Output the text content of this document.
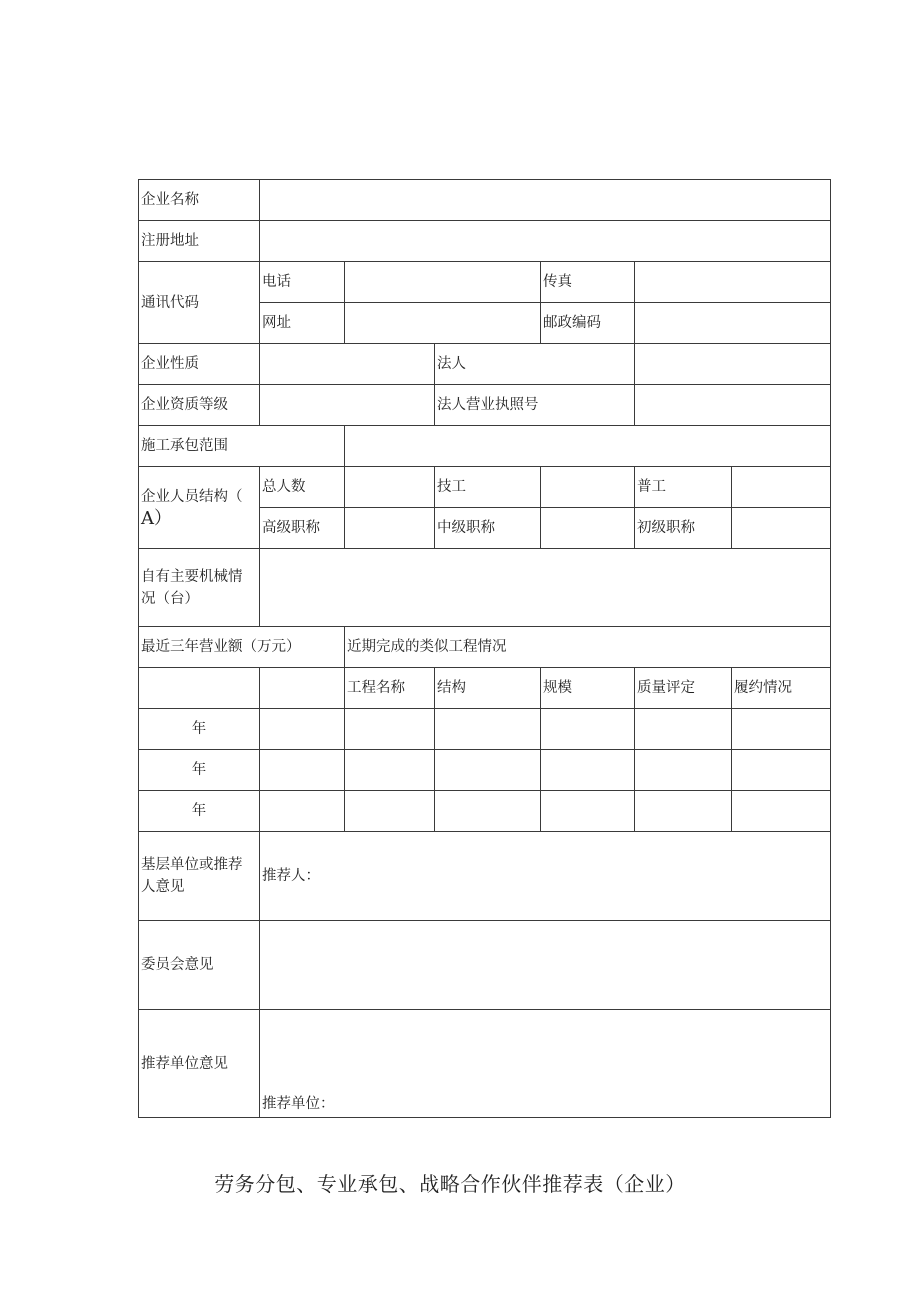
企业名称						
注册地址						
通讯代码	电话			传真		
	网址			邮政编码		
企业性质			法人			
企业资质等级			法人营业执照号			
施工承包范围						

企业人员结构（
A）	总人数		技工		普工	
	高级职称		中级职称		初级职称	

自有主要机械情
况（台）						

最近三年营业额（万元）		近期完成的类似工程情况				
		工程名称	结构	规模	质量评定	履约情况
年						
年						
年						

基层单位或推荐
人意见	推荐人：					
委员会意见						
推荐单位意见	推荐单位：					
劳务分包、专业承包、战略合作伙伴推荐表（企业）
